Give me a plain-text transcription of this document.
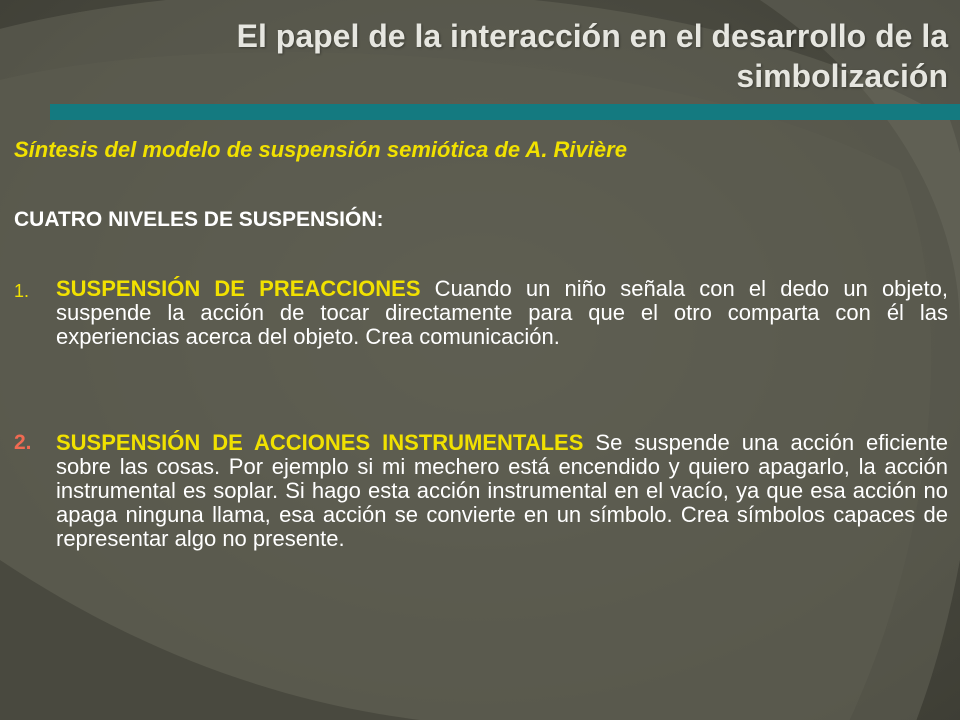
El papel de la interacción en el desarrollo de la simbolización
Síntesis del modelo de suspensión semiótica de A. Rivière
CUATRO NIVELES DE SUSPENSIÓN:
1.	SUSPENSIÓN DE PREACCIONES Cuando un niño señala con el dedo un objeto, suspende la acción de tocar directamente para que el otro comparta con él las experiencias acerca del objeto. Crea comunicación.
2.	SUSPENSIÓN DE ACCIONES INSTRUMENTALES Se suspende una acción eficiente sobre las cosas. Por ejemplo si mi mechero está encendido y quiero apagarlo, la acción instrumental es soplar. Si hago esta acción instrumental en el vacío, ya que esa acción no apaga ninguna llama, esa acción se convierte en un símbolo. Crea símbolos capaces de representar algo no presente.
